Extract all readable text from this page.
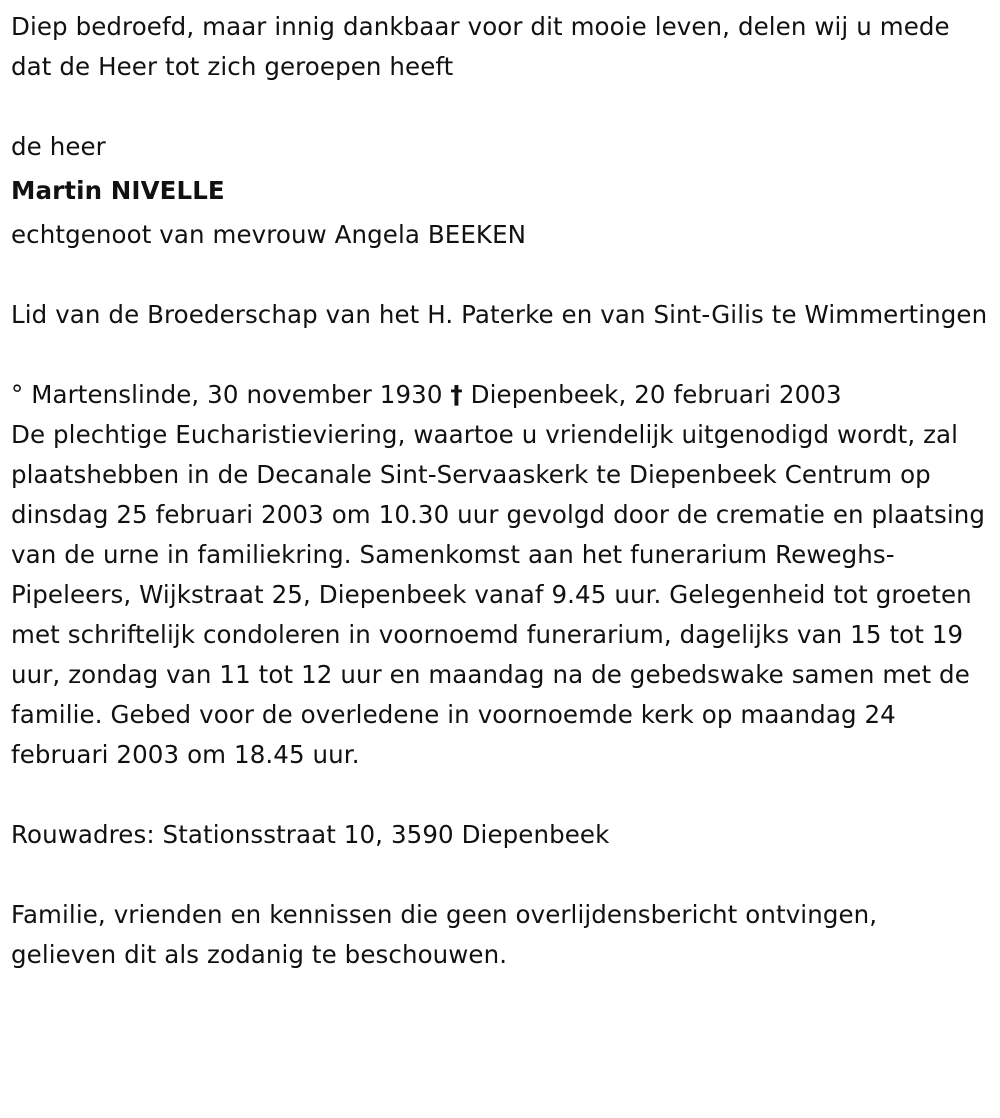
Diep bedroefd, maar innig dankbaar voor dit mooie leven, delen wij u mede dat de Heer tot zich geroepen heeft

de heer

Martin NIVELLE

echtgenoot van mevrouw Angela BEEKEN

Lid van de Broederschap van het H. Paterke en van Sint-Gilis te Wimmertingen

° Martenslinde, 30 november 1930 † Diepenbeek, 20 februari 2003

De plechtige Eucharistieviering, waartoe u vriendelijk uitgenodigd wordt, zal plaatshebben in de Decanale Sint-Servaaskerk te Diepenbeek Centrum op dinsdag 25 februari 2003 om 10.30 uur gevolgd door de crematie en plaatsing van de urne in familiekring. Samenkomst aan het funerarium Reweghs-Pipeleers, Wijkstraat 25, Diepenbeek vanaf 9.45 uur. Gelegenheid tot groeten met schriftelijk condoleren in voornoemd funerarium, dagelijks van 15 tot 19 uur, zondag van 11 tot 12 uur en maandag na de gebedswake samen met de familie. Gebed voor de overledene in voornoemde kerk op maandag 24 februari 2003 om 18.45 uur.

Rouwadres: Stationsstraat 10, 3590 Diepenbeek

Familie, vrienden en kennissen die geen overlijdensbericht ontvingen, gelieven dit als zodanig te beschouwen.
